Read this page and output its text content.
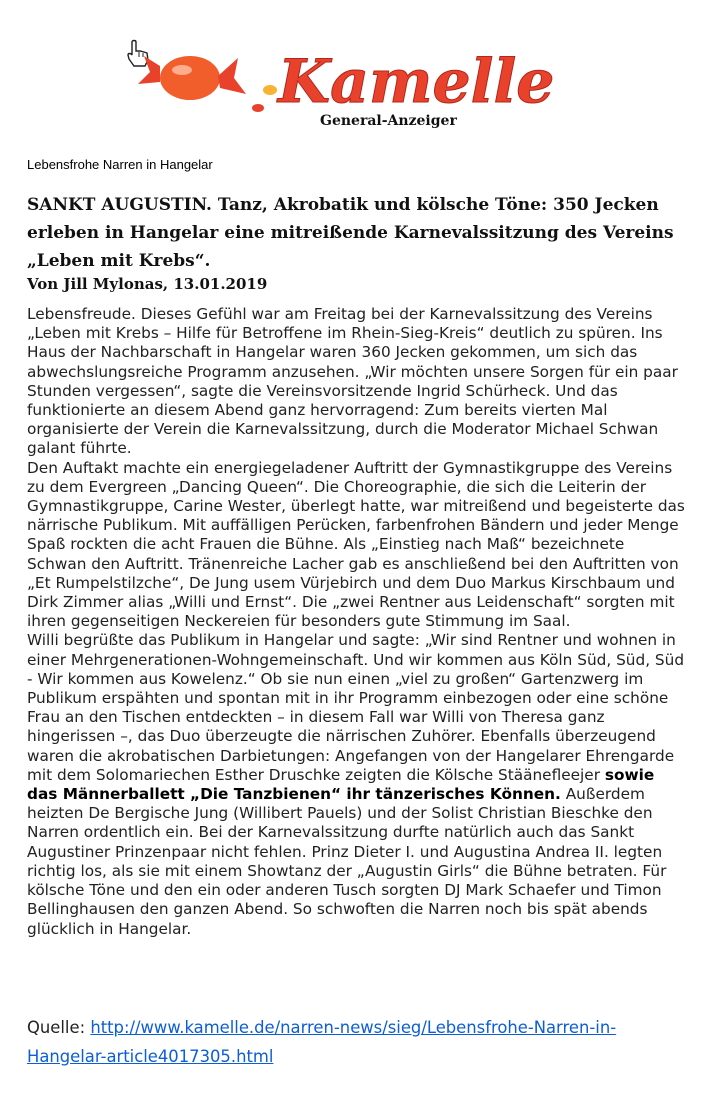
Kamelle
General-Anzeiger
Lebensfrohe Narren in Hangelar
SANKT AUGUSTIN. Tanz, Akrobatik und kölsche Töne: 350 Jecken erleben in Hangelar eine mitreißende Karnevalssitzung des Vereins „Leben mit Krebs“.
Von Jill Mylonas, 13.01.2019

Lebensfreude. Dieses Gefühl war am Freitag bei der Karnevalssitzung des Vereins „Leben mit Krebs – Hilfe für Betroffene im Rhein-Sieg-Kreis“ deutlich zu spüren. Ins Haus der Nachbarschaft in Hangelar waren 360 Jecken gekommen, um sich das abwechslungsreiche Programm anzusehen. „Wir möchten unsere Sorgen für ein paar Stunden vergessen“, sagte die Vereinsvorsitzende Ingrid Schürheck. Und das funktionierte an diesem Abend ganz hervorragend: Zum bereits vierten Mal organisierte der Verein die Karnevalssitzung, durch die Moderator Michael Schwan galant führte.

Den Auftakt machte ein energiegeladener Auftritt der Gymnastikgruppe des Vereins zu dem Evergreen „Dancing Queen“. Die Choreographie, die sich die Leiterin der Gymnastikgruppe, Carine Wester, überlegt hatte, war mitreißend und begeisterte das närrische Publikum. Mit auffälligen Perücken, farbenfrohen Bändern und jeder Menge Spaß rockten die acht Frauen die Bühne. Als „Einstieg nach Maß“ bezeichnete Schwan den Auftritt. Tränenreiche Lacher gab es anschließend bei den Auftritten von „Et Rumpelstilzche“, De Jung usem Vürjebirch und dem Duo Markus Kirschbaum und Dirk Zimmer alias „Willi und Ernst“. Die „zwei Rentner aus Leidenschaft“ sorgten mit ihren gegenseitigen Neckereien für besonders gute Stimmung im Saal.

Willi begrüßte das Publikum in Hangelar und sagte: „Wir sind Rentner und wohnen in einer Mehrgenerationen-Wohngemeinschaft. Und wir kommen aus Köln Süd, Süd, Süd - Wir kommen aus Kowelenz.“ Ob sie nun einen „viel zu großen“ Gartenzwerg im Publikum erspähten und spontan mit in ihr Programm einbezogen oder eine schöne Frau an den Tischen entdeckten – in diesem Fall war Willi von Theresa ganz hingerissen –, das Duo überzeugte die närrischen Zuhörer. Ebenfalls überzeugend waren die akrobatischen Darbietungen: Angefangen von der Hangelarer Ehrengarde mit dem Solomariechen Esther Druschke zeigten die Kölsche Stäänefleejer sowie das Männerballett „Die Tanzbienen“ ihr tänzerisches Können. Außerdem heizten De Bergische Jung (Willibert Pauels) und der Solist Christian Bieschke den Narren ordentlich ein. Bei der Karnevalssitzung durfte natürlich auch das Sankt Augustiner Prinzenpaar nicht fehlen. Prinz Dieter I. und Augustina Andrea II. legten richtig los, als sie mit einem Showtanz der „Augustin Girls“ die Bühne betraten. Für kölsche Töne und den ein oder anderen Tusch sorgten DJ Mark Schaefer und Timon Bellinghausen den ganzen Abend. So schwoften die Narren noch bis spät abends glücklich in Hangelar.

Quelle: http://www.kamelle.de/narren-news/sieg/Lebensfrohe-Narren-in-Hangelar-article4017305.html
